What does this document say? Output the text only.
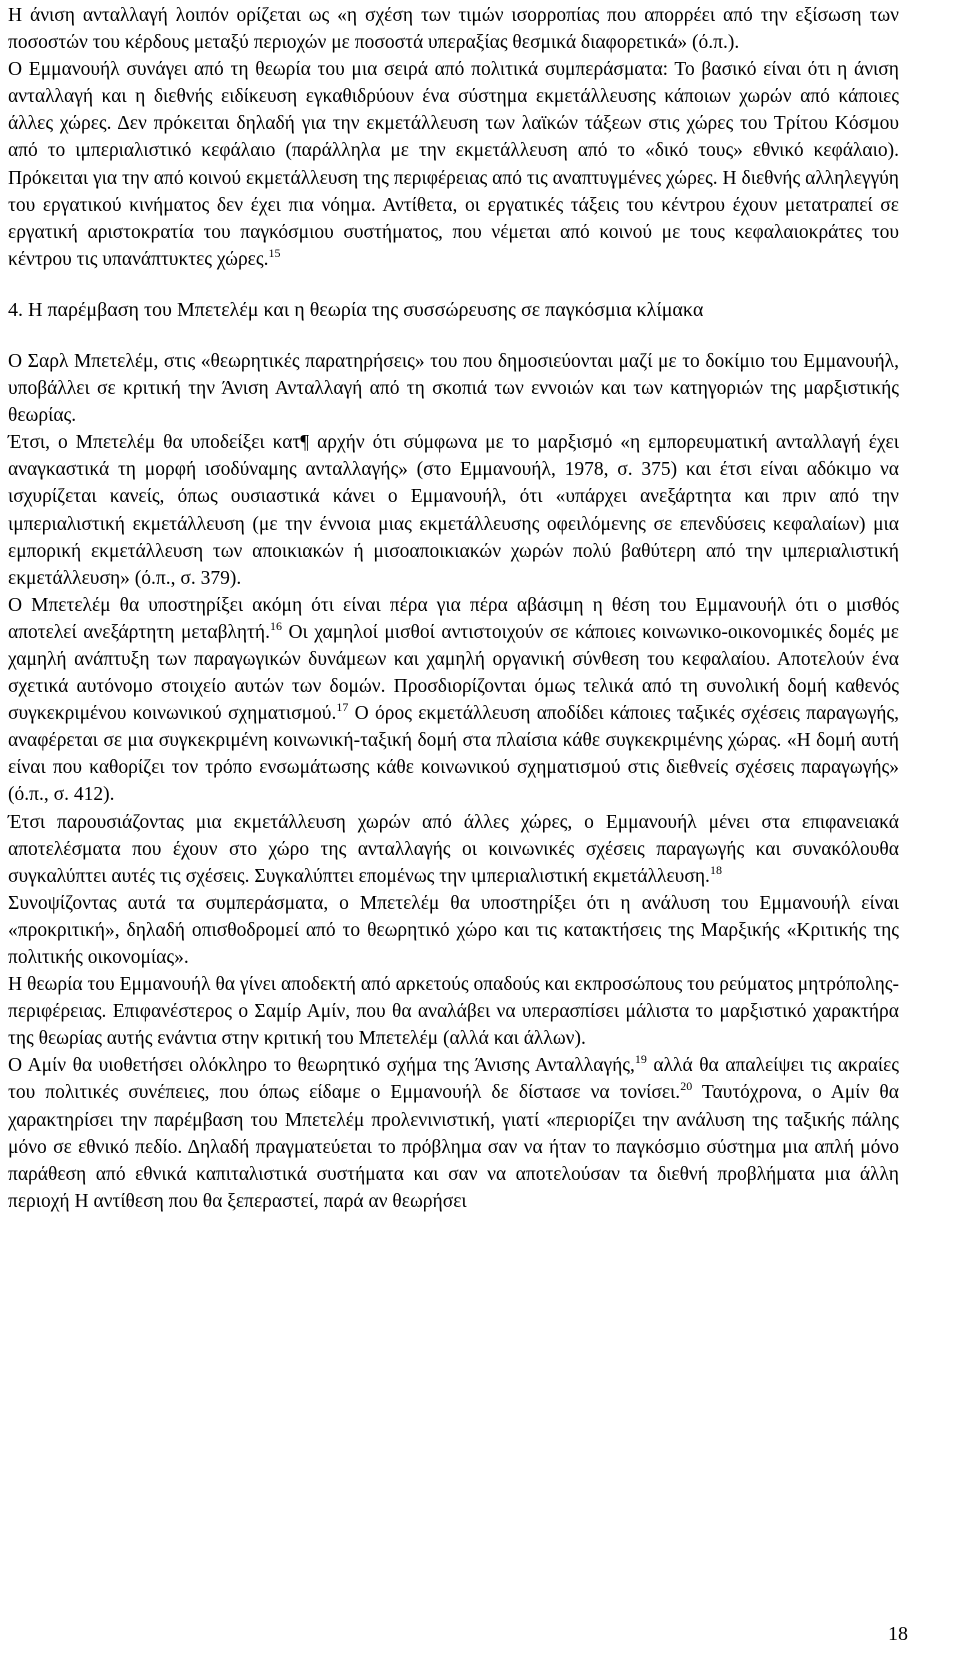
Η άνιση ανταλλαγή λοιπόν ορίζεται ως «η σχέση των τιμών ισορροπίας που απορρέει από την εξίσωση των ποσοστών του κέρδους μεταξύ περιοχών με ποσοστά υπεραξίας θεσμικά διαφορετικά» (ό.π.).

Ο Εμμανουήλ συνάγει από τη θεωρία του μια σειρά από πολιτικά συμπεράσματα: Το βασικό είναι ότι η άνιση ανταλλαγή και η διεθνής ειδίκευση εγκαθιδρύουν ένα σύστημα εκμετάλλευσης κάποιων χωρών από κάποιες άλλες χώρες. Δεν πρόκειται δηλαδή για την εκμετάλλευση των λαϊκών τάξεων στις χώρες του Τρίτου Κόσμου από το ιμπεριαλιστικό κεφάλαιο (παράλληλα με την εκμετάλλευση από το «δικό τους» εθνικό κεφάλαιο). Πρόκειται για την από κοινού εκμετάλλευση της περιφέρειας από τις αναπτυγμένες χώρες. Η διεθνής αλληλεγγύη του εργατικού κινήματος δεν έχει πια νόημα. Αντίθετα, οι εργατικές τάξεις του κέντρου έχουν μετατραπεί σε εργατική αριστοκρατία του παγκόσμιου συστήματος, που νέμεται από κοινού με τους κεφαλαιοκράτες του κέντρου τις υπανάπτυκτες χώρες.$^{15}$

4. Η παρέμβαση του Μπετελέμ και η θεωρία της συσσώρευσης σε παγκόσμια κλίμακα

Ο Σαρλ Μπετελέμ, στις «θεωρητικές παρατηρήσεις» του που δημοσιεύονται μαζί με το δοκίμιο του Εμμανουήλ, υποβάλλει σε κριτική την Άνιση Ανταλλαγή από τη σκοπιά των εννοιών και των κατηγοριών της μαρξιστικής θεωρίας.

Έτσι, ο Μπετελέμ θα υποδείξει κατ¶ αρχήν ότι σύμφωνα με το μαρξισμό «η εμπορευματική ανταλλαγή έχει αναγκαστικά τη μορφή ισοδύναμης ανταλλαγής» (στο Εμμανουήλ, 1978, σ. 375) και έτσι είναι αδόκιμο να ισχυρίζεται κανείς, όπως ουσιαστικά κάνει ο Εμμανουήλ, ότι «υπάρχει ανεξάρτητα και πριν από την ιμπεριαλιστική εκμετάλλευση (με την έννοια μιας εκμετάλλευσης οφειλόμενης σε επενδύσεις κεφαλαίων) μια εμπορική εκμετάλλευση των αποικιακών ή μισοαποικιακών χωρών πολύ βαθύτερη από την ιμπεριαλιστική εκμετάλλευση» (ό.π., σ. 379).

Ο Μπετελέμ θα υποστηρίξει ακόμη ότι είναι πέρα για πέρα αβάσιμη η θέση του Εμμανουήλ ότι ο μισθός αποτελεί ανεξάρτητη μεταβλητή.$^{16}$ Οι χαμηλοί μισθοί αντιστοιχούν σε κάποιες κοινωνικο-οικονομικές δομές με χαμηλή ανάπτυξη των παραγωγικών δυνάμεων και χαμηλή οργανική σύνθεση του κεφαλαίου. Αποτελούν ένα σχετικά αυτόνομο στοιχείο αυτών των δομών. Προσδιορίζονται όμως τελικά από τη συνολική δομή καθενός συγκεκριμένου κοινωνικού σχηματισμού.$^{17}$ Ο όρος εκμετάλλευση αποδίδει κάποιες ταξικές σχέσεις παραγωγής, αναφέρεται σε μια συγκεκριμένη κοινωνική-ταξική δομή στα πλαίσια κάθε συγκεκριμένης χώρας. «Η δομή αυτή είναι που καθορίζει τον τρόπο ενσωμάτωσης κάθε κοινωνικού σχηματισμού στις διεθνείς σχέσεις παραγωγής» (ό.π., σ. 412).

Έτσι παρουσιάζοντας μια εκμετάλλευση χωρών από άλλες χώρες, ο Εμμανουήλ μένει στα επιφανειακά αποτελέσματα που έχουν στο χώρο της ανταλλαγής οι κοινωνικές σχέσεις παραγωγής και συνακόλουθα συγκαλύπτει αυτές τις σχέσεις. Συγκαλύπτει επομένως την ιμπεριαλιστική εκμετάλλευση.$^{18}$

Συνοψίζοντας αυτά τα συμπεράσματα, ο Μπετελέμ θα υποστηρίξει ότι η ανάλυση του Εμμανουήλ είναι «προκριτική», δηλαδή οπισθοδρομεί από το θεωρητικό χώρο και τις κατακτήσεις της Μαρξικής «Κριτικής της πολιτικής οικονομίας».

Η θεωρία του Εμμανουήλ θα γίνει αποδεκτή από αρκετούς οπαδούς και εκπροσώπους του ρεύματος μητρόπολης-περιφέρειας. Επιφανέστερος ο Σαμίρ Αμίν, που θα αναλάβει να υπερασπίσει μάλιστα το μαρξιστικό χαρακτήρα της θεωρίας αυτής ενάντια στην κριτική του Μπετελέμ (αλλά και άλλων).

Ο Αμίν θα υιοθετήσει ολόκληρο το θεωρητικό σχήμα της Άνισης Ανταλλαγής,$^{19}$ αλλά θα απαλείψει τις ακραίες του πολιτικές συνέπειες, που όπως είδαμε ο Εμμανουήλ δε δίστασε να τονίσει.$^{20}$ Ταυτόχρονα, ο Αμίν θα χαρακτηρίσει την παρέμβαση του Μπετελέμ προλενινιστική, γιατί «περιορίζει την ανάλυση της ταξικής πάλης μόνο σε εθνικό πεδίο. Δηλαδή πραγματεύεται το πρόβλημα σαν να ήταν το παγκόσμιο σύστημα μια απλή μόνο παράθεση από εθνικά καπιταλιστικά συστήματα και σαν να αποτελούσαν τα διεθνή προβλήματα μια άλλη περιοχή Η αντίθεση που θα ξεπεραστεί, παρά αν θεωρήσει

18
